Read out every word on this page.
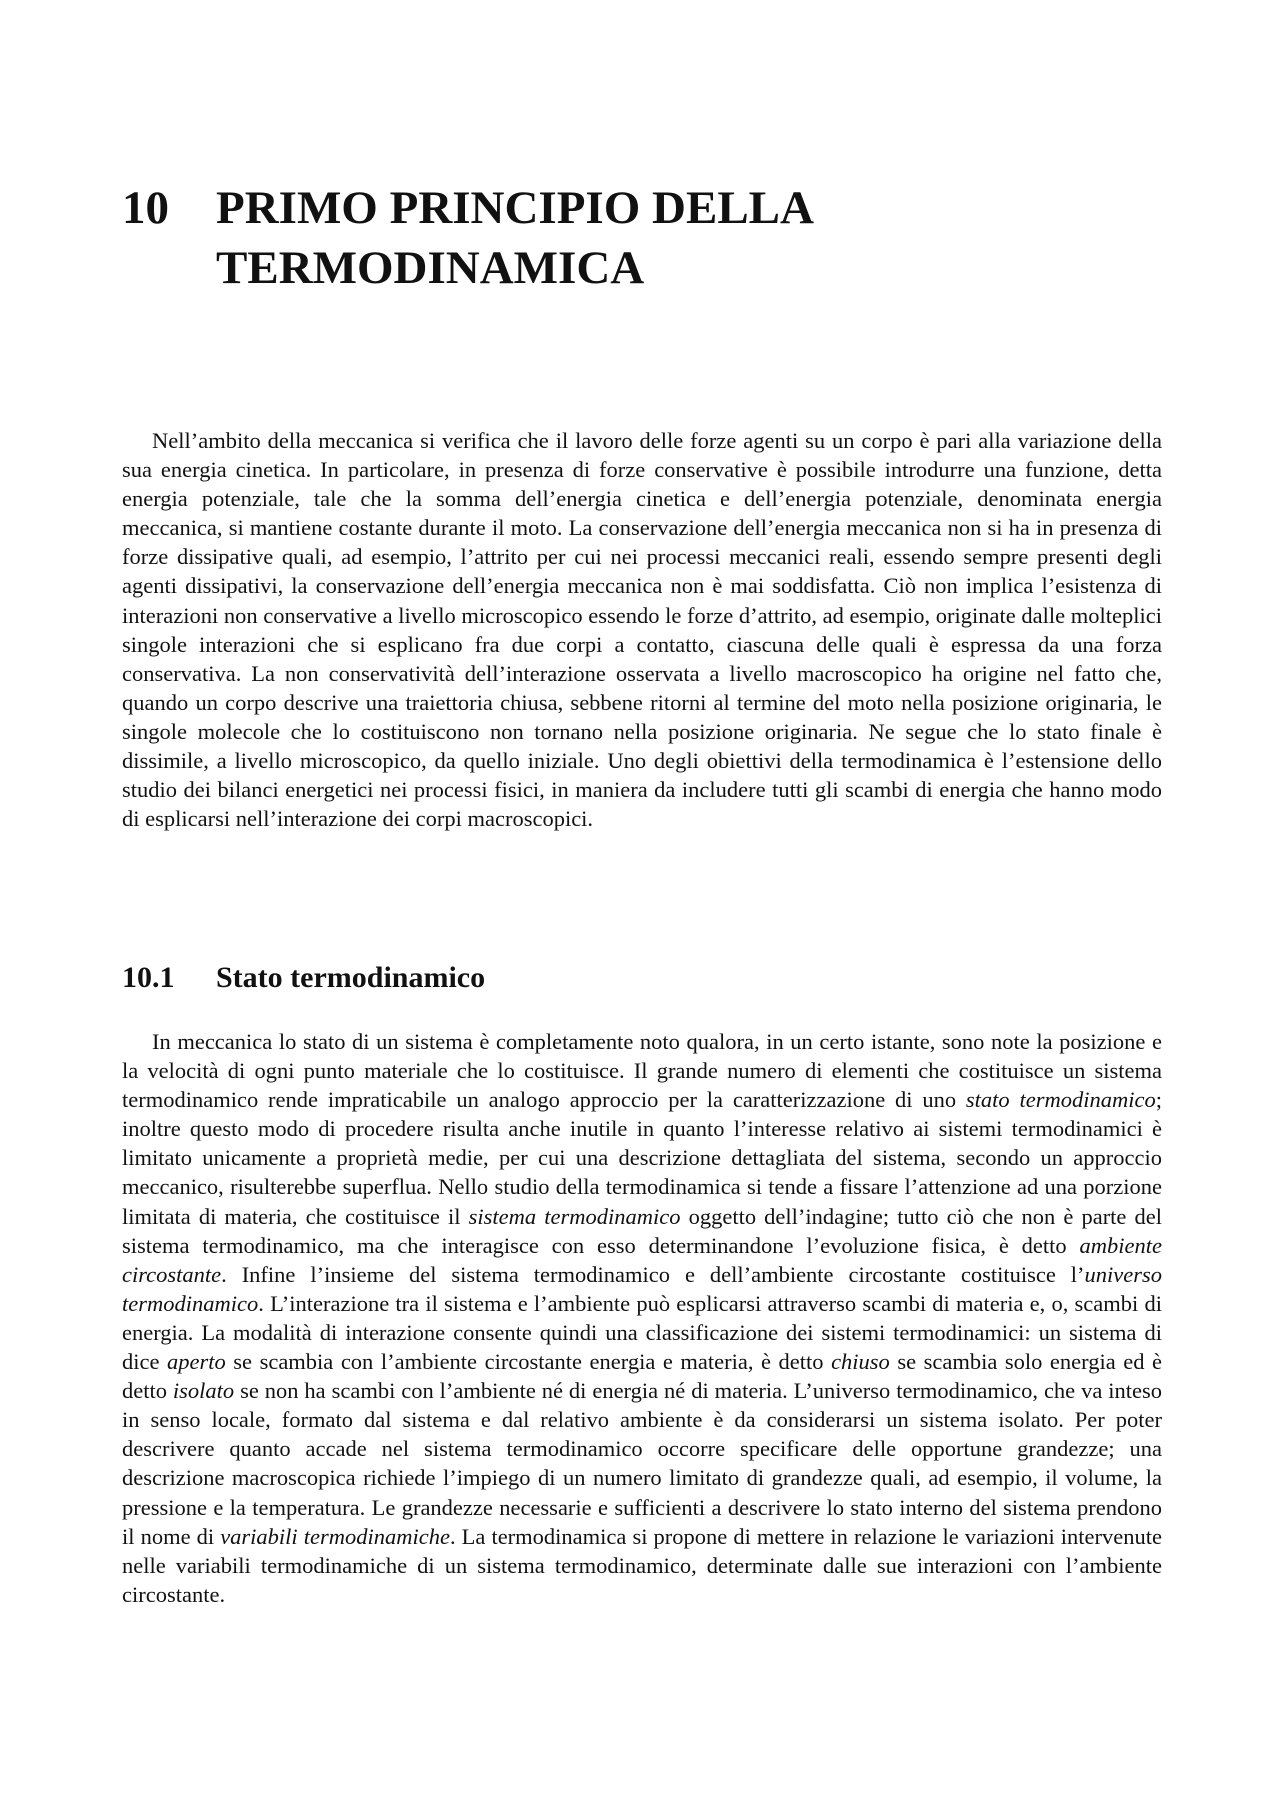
10	PRIMO PRINCIPIO DELLA
TERMODINAMICA

Nell’ambito della meccanica si verifica che il lavoro delle forze agenti su un corpo è pari alla variazione della sua energia cinetica. In particolare, in presenza di forze conservative è possibile introdurre una funzione, detta energia potenziale, tale che la somma dell’energia cinetica e dell’energia potenziale, denominata energia meccanica, si mantiene costante durante il moto. La conservazione dell’energia meccanica non si ha in presenza di forze dissipative quali, ad esempio, l’attrito per cui nei processi meccanici reali, essendo sempre presenti degli agenti dissipativi, la conservazione dell’energia meccanica non è mai soddisfatta. Ciò non implica l’esistenza di interazioni non conservative a livello microscopico essendo le forze d’attrito, ad esempio, originate dalle molteplici singole interazioni che si esplicano fra due corpi a contatto, ciascuna delle quali è espressa da una forza conservativa. La non conservatività dell’interazione osservata a livello macroscopico ha origine nel fatto che, quando un corpo descrive una traiettoria chiusa, sebbene ritorni al termine del moto nella posizione originaria, le singole molecole che lo costituiscono non tornano nella posizione originaria. Ne segue che lo stato finale è dissimile, a livello microscopico, da quello iniziale. Uno degli obiettivi della termodinamica è l’estensione dello studio dei bilanci energetici nei processi fisici, in maniera da includere tutti gli scambi di energia che hanno modo di esplicarsi nell’interazione dei corpi macroscopici.

10.1	Stato termodinamico

In meccanica lo stato di un sistema è completamente noto qualora, in un certo istante, sono note la posizione e la velocità di ogni punto materiale che lo costituisce. Il grande numero di elementi che costituisce un sistema termodinamico rende impraticabile un analogo approccio per la caratterizzazione di uno stato termodinamico; inoltre questo modo di procedere risulta anche inutile in quanto l’interesse relativo ai sistemi termodinamici è limitato unicamente a proprietà medie, per cui una descrizione dettagliata del sistema, secondo un approccio meccanico, risulterebbe superflua. Nello studio della termodinamica si tende a fissare l’attenzione ad una porzione limitata di materia, che costituisce il sistema termodinamico oggetto dell’indagine; tutto ciò che non è parte del sistema termodinamico, ma che interagisce con esso determinandone l’evoluzione fisica, è detto ambiente circostante. Infine l’insieme del sistema termodinamico e dell’ambiente circostante costituisce l’universo termodinamico. L’interazione tra il sistema e l’ambiente può esplicarsi attraverso scambi di materia e, o, scambi di energia. La modalità di interazione consente quindi una classificazione dei sistemi termodinamici: un sistema di dice aperto se scambia con l’ambiente circostante energia e materia, è detto chiuso se scambia solo energia ed è detto isolato se non ha scambi con l’ambiente né di energia né di materia. L’universo termodinamico, che va inteso in senso locale, formato dal sistema e dal relativo ambiente è da considerarsi un sistema isolato. Per poter descrivere quanto accade nel sistema termodinamico occorre specificare delle opportune grandezze; una descrizione macroscopica richiede l’impiego di un numero limitato di grandezze quali, ad esempio, il volume, la pressione e la temperatura. Le grandezze necessarie e sufficienti a descrivere lo stato interno del sistema prendono il nome di variabili termodinamiche. La termodinamica si propone di mettere in relazione le variazioni intervenute nelle variabili termodinamiche di un sistema termodinamico, determinate dalle sue interazioni con l’ambiente circostante.
